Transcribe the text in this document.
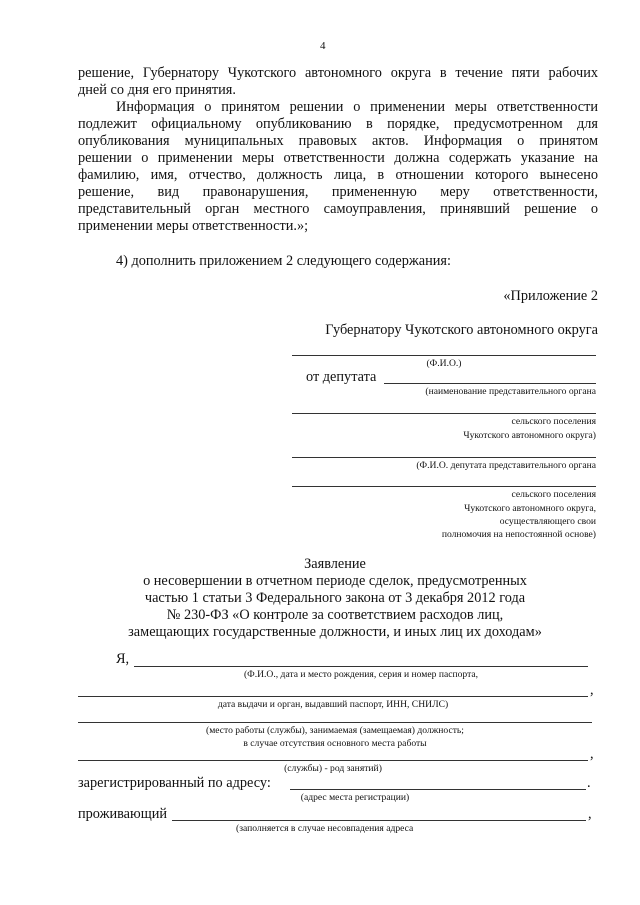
4
решение, Губернатору Чукотского автономного округа в течение пяти рабочих
дней со дня его принятия.
Информация о принятом решении о применении меры ответственности
подлежит официальному опубликованию в порядке, предусмотренном для
опубликования муниципальных правовых актов. Информация о принятом
решении о применении меры ответственности должна содержать указание на
фамилию, имя, отчество, должность лица, в отношении которого вынесено
решение, вид правонарушения, примененную меру ответственности,
представительный орган местного самоуправления, принявший решение о
применении меры ответственности.»;
4) дополнить приложением 2 следующего содержания:
«Приложение 2
Губернатору Чукотского автономного округа
(Ф.И.О.)
от депутата
(наименование представительного органа
сельского поселения
Чукотского автономного округа)
(Ф.И.О. депутата представительного органа
сельского поселения
Чукотского автономного округа,
осуществляющего свои
полномочия на непостоянной основе)
Заявление
о несовершении в отчетном периоде сделок, предусмотренных
частью 1 статьи 3 Федерального закона от 3 декабря 2012 года
№ 230-ФЗ «О контроле за соответствием расходов лиц,
замещающих государственные должности, и иных лиц их доходам»
Я,
(Ф.И.О., дата и место рождения, серия и номер паспорта,
,
дата выдачи и орган, выдавший паспорт, ИНН, СНИЛС)
(место работы (службы), занимаемая (замещаемая) должность;
в случае отсутствия основного места работы
,
(службы) - род занятий)
зарегистрированный по адресу:	.
(адрес места регистрации)
проживающий	,
(заполняется в случае несовпадения адреса
